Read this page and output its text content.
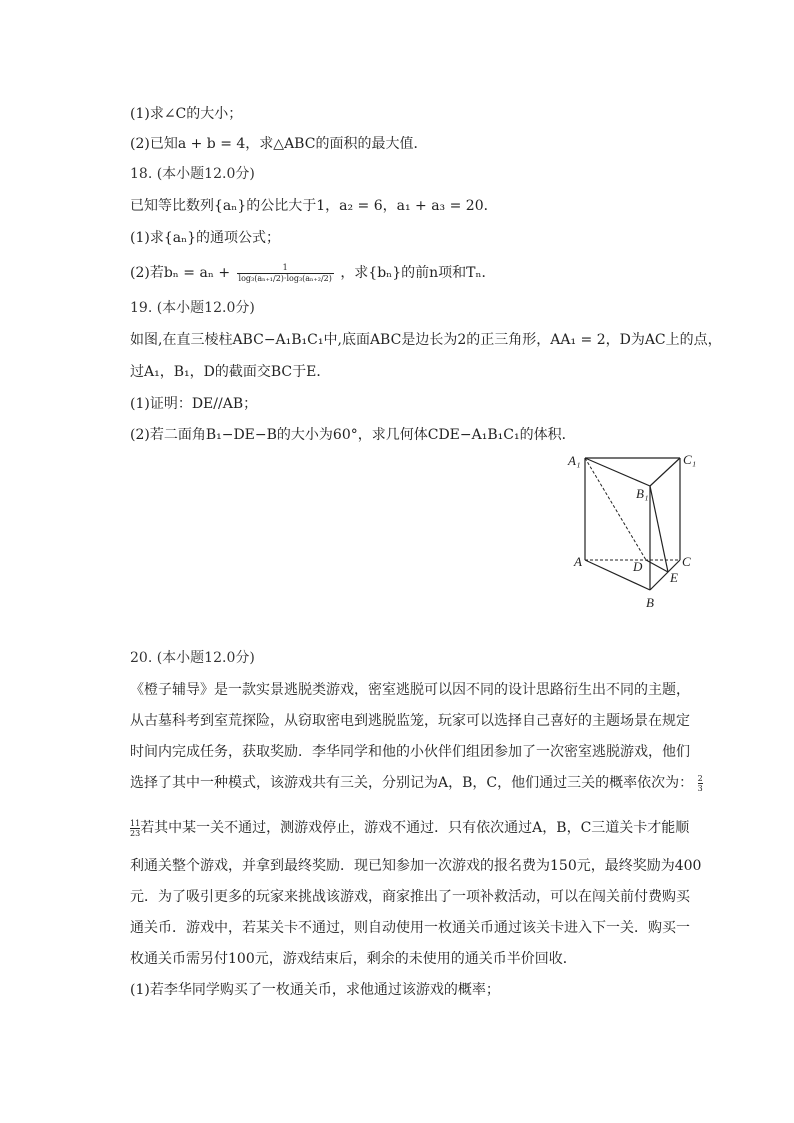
(1)求∠C的大小；
(2)已知a + b = 4，求△ABC的面积的最大值．
18. (本小题12.0分)
已知等比数列{aₙ}的公比大于1，a₂ = 6，a₁ + a₃ = 20．
(1)求{aₙ}的通项公式；
(2)若$b_n = a_n + \frac{1}{\text{log₃(aₙ₊₁/2)·log₃(aₙ₊₂/2)}}$ ，求{bₙ}的前n项和Tₙ．
19. (本小题12.0分)
如图,在直三棱柱ABC−A₁B₁C₁中,底面ABC是边长为2的正三角形，AA₁ = 2，D为AC上的点，
过A₁，B₁，D的截面交BC于E．
(1)证明：DE//AB；
(2)若二面角B₁−DE−B的大小为60°，求几何体CDE−A₁B₁C₁的体积．
A₁	C₁
B₁
A	C
D
E
B
20. (本小题12.0分)
《橙子辅导》是一款实景逃脱类游戏，密室逃脱可以因不同的设计思路衍生出不同的主题，
从古墓科考到室荒探险，从窃取密电到逃脱监笼，玩家可以选择自己喜好的主题场景在规定
时间内完成任务，获取奖励．李华同学和他的小伙伴们组团参加了一次密室逃脱游戏，他们
选择了其中一种模式，该游戏共有三关，分别记为A，B，C，他们通过三关的概率依次为： $\frac{2}{3}$
$\frac{1}{2} \frac{1}{3}$ 若其中某一关不通过，测游戏停止，游戏不通过．只有依次通过A，B，C三道关卡才能顺
利通关整个游戏，并拿到最终奖励．现已知参加一次游戏的报名费为150元，最终奖励为400
元．为了吸引更多的玩家来挑战该游戏，商家推出了一项补救活动，可以在闯关前付费购买
通关币．游戏中，若某关卡不通过，则自动使用一枚通关币通过该关卡进入下一关．购买一
枚通关币需另付100元，游戏结束后，剩余的未使用的通关币半价回收．
(1)若李华同学购买了一枚通关币，求他通过该游戏的概率；
